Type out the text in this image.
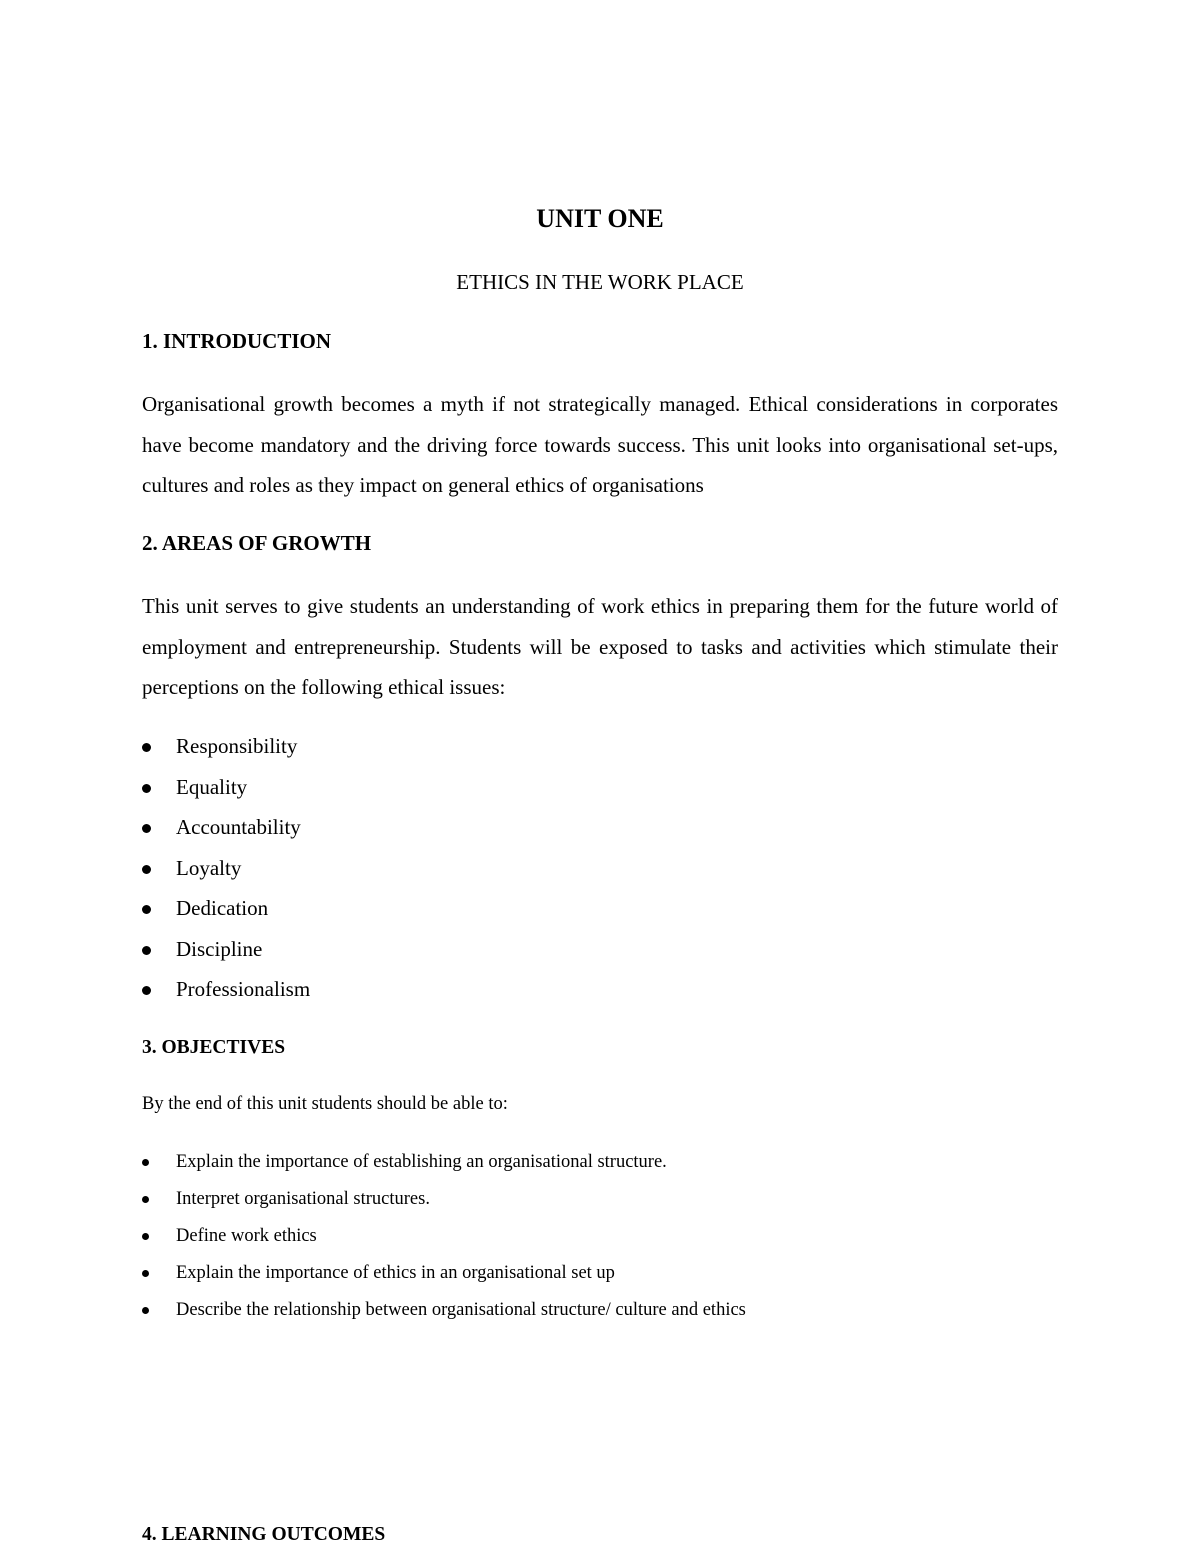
UNIT ONE
ETHICS IN THE WORK PLACE
1. INTRODUCTION

Organisational growth becomes a myth if not strategically managed. Ethical considerations in corporates have become mandatory and the driving force towards success. This unit looks into organisational set-ups, cultures and roles as they impact on general ethics of organisations

2. AREAS OF GROWTH

This unit serves to give students an understanding of work ethics in preparing them for the future world of employment and entrepreneurship. Students will be exposed to tasks and activities which stimulate their perceptions on the following ethical issues:

Responsibility
Equality
Accountability
Loyalty
Dedication
Discipline
Professionalism
3. OBJECTIVES

By the end of this unit students should be able to:

Explain the importance of establishing an organisational structure.
Interpret organisational structures.
Define work ethics
Explain the importance of ethics in an organisational set up
Describe the relationship between organisational structure/ culture and ethics
4. LEARNING OUTCOMES
